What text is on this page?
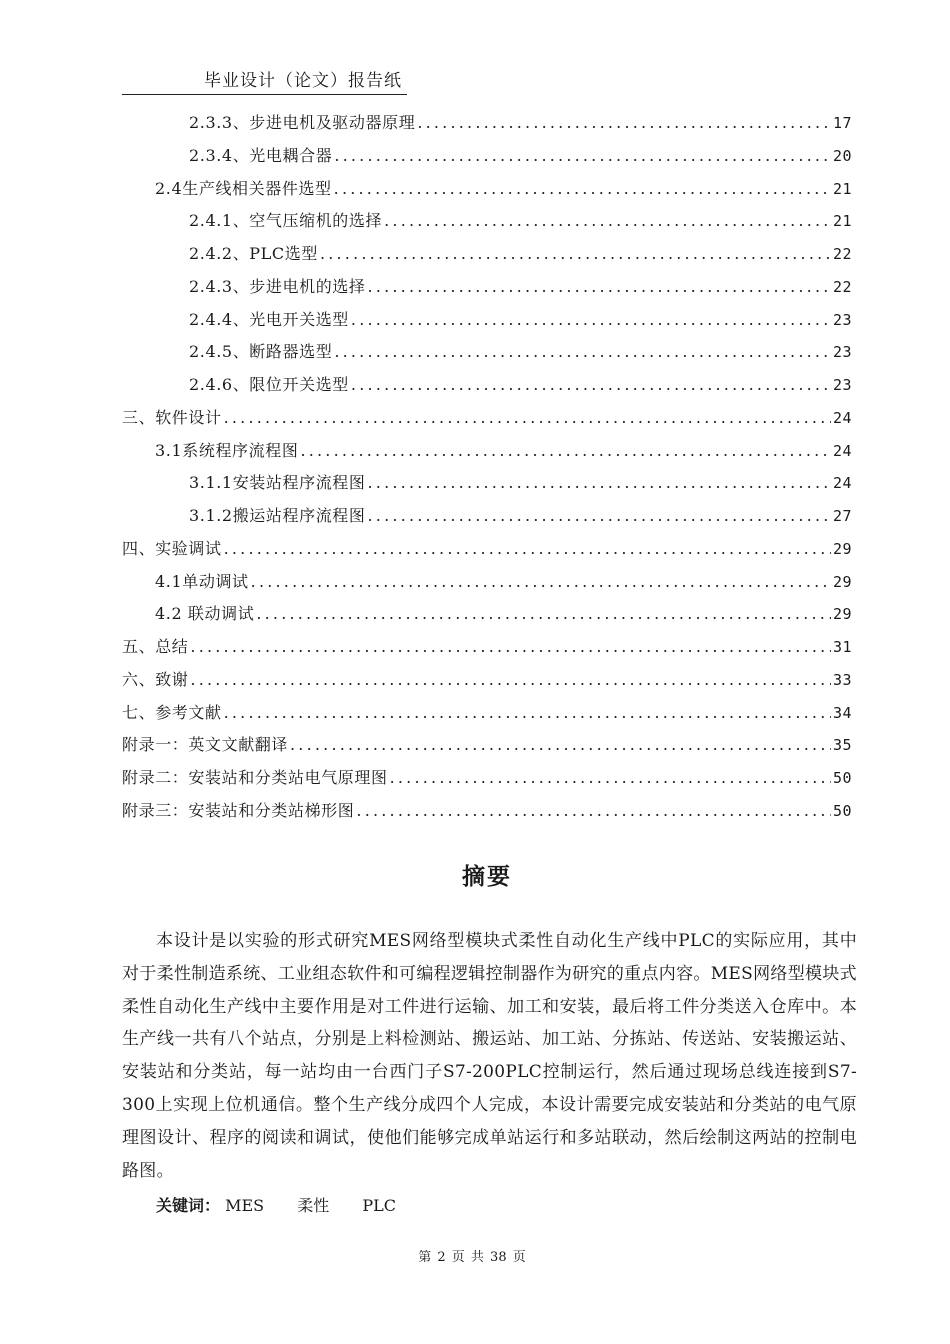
毕业设计（论文）报告纸
2.3.3、步进电机及驱动器原理 .....	17
2.3.4、光电耦合器 .....	20
2.4生产线相关器件选型 .....	21
2.4.1、空气压缩机的选择 .....	21
2.4.2、PLC选型 .....	22
2.4.3、步进电机的选择 .....	22
2.4.4、光电开关选型 .....	23
2.4.5、断路器选型 .....	23
2.4.6、限位开关选型 .....	23
三、软件设计 .....	24
3.1系统程序流程图 .....	24
3.1.1安装站程序流程图 .....	24
3.1.2搬运站程序流程图 .....	27
四、实验调试 .....	29
4.1单动调试 .....	29
4.2 联动调试 .....	29
五、总结 .....	31
六、致谢 .....	33
七、参考文献 .....	34
附录一：英文文献翻译 .....	35
附录二：安装站和分类站电气原理图 .....	50
附录三：安装站和分类站梯形图 .....	50
摘要

本设计是以实验的形式研究MES网络型模块式柔性自动化生产线中PLC的实际应用，其中对于柔性制造系统、工业组态软件和可编程逻辑控制器作为研究的重点内容。MES网络型模块式柔性自动化生产线中主要作用是对工件进行运输、加工和安装，最后将工件分类送入仓库中。本生产线一共有八个站点，分别是上料检测站、搬运站、加工站、分拣站、传送站、安装搬运站、安装站和分类站，每一站均由一台西门子S7-200PLC控制运行，然后通过现场总线连接到S7-300上实现上位机通信。整个生产线分成四个人完成，本设计需要完成安装站和分类站的电气原理图设计、程序的阅读和调试，使他们能够完成单站运行和多站联动，然后绘制这两站的控制电路图。

关键词： MES 柔性 PLC
第 2 页 共 38 页
